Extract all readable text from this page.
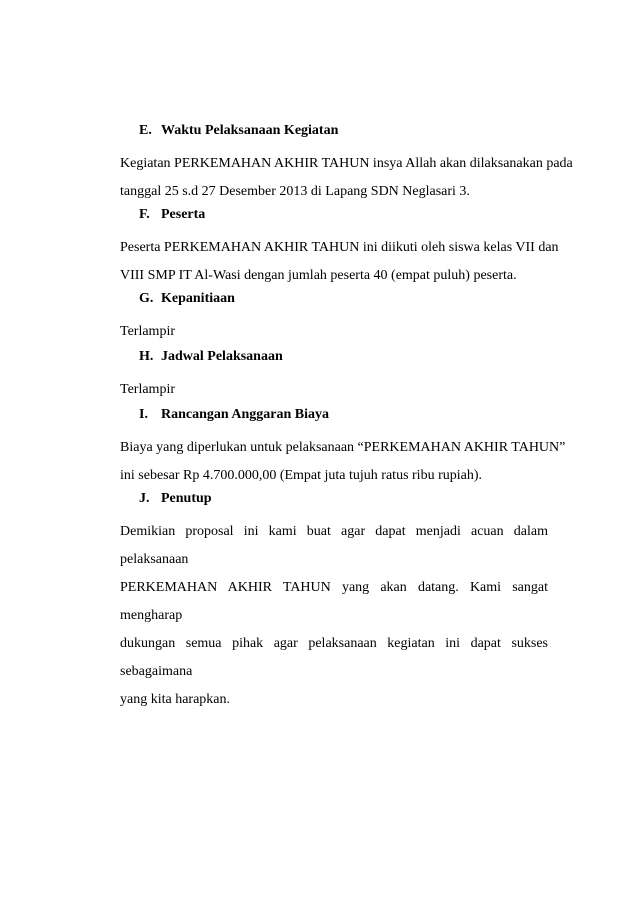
E. Waktu Pelaksanaan Kegiatan

Kegiatan PERKEMAHAN AKHIR TAHUN insya Allah akan dilaksanakan pada
tanggal 25 s.d 27 Desember 2013 di Lapang SDN Neglasari 3.

F. Peserta

Peserta PERKEMAHAN AKHIR TAHUN ini diikuti oleh siswa kelas VII dan
VIII SMP IT Al-Wasi dengan jumlah peserta 40 (empat puluh) peserta.

G. Kepanitiaan

Terlampir

H. Jadwal Pelaksanaan

Terlampir

I. Rancangan Anggaran Biaya

Biaya yang diperlukan untuk pelaksanaan “PERKEMAHAN AKHIR TAHUN”
ini sebesar Rp 4.700.000,00 (Empat juta tujuh ratus ribu rupiah).

J. Penutup

Demikian proposal ini kami buat agar dapat menjadi acuan dalam pelaksanaan
PERKEMAHAN AKHIR TAHUN yang akan datang. Kami sangat mengharap
dukungan semua pihak agar pelaksanaan kegiatan ini dapat sukses sebagaimana
yang kita harapkan.
